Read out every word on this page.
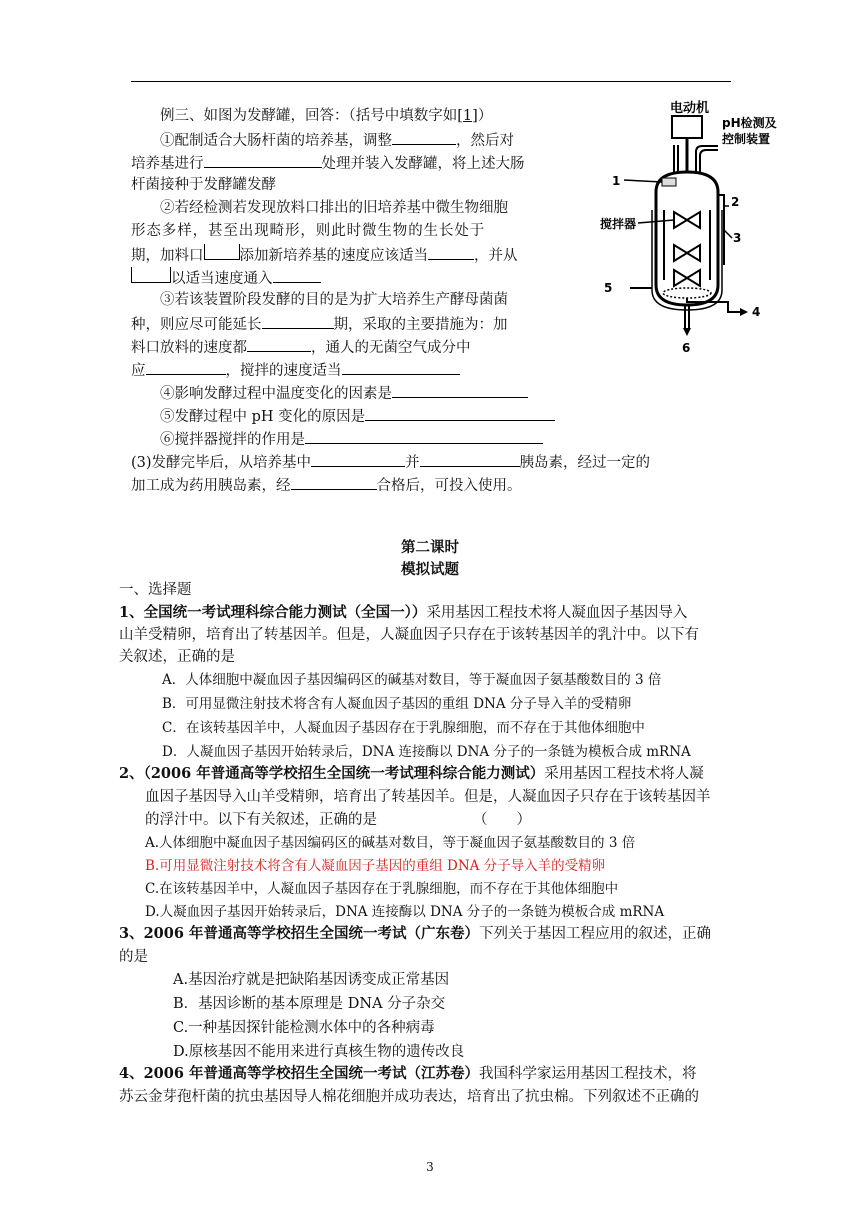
例三、如图为发酵罐，回答：（括号中填数字如[1]）
①配制适合大肠杆菌的培养基，调整	，然后对
培养基进行	处理并装入发酵罐，将上述大肠
杆菌接种于发酵罐发酵
②若经检测若发现放料口排出的旧培养基中微生物细胞
形态多样，甚至出现畸形，则此时微生物的生长处于
期，加料口 添加新培养基的速度应该适当	，并从
以适当速度通入
③若该装置阶段发酵的目的是为扩大培养生产酵母菌菌
种，则应尽可能延长	期，采取的主要措施为：加
料口放料的速度都	，通人的无菌空气成分中
应	，搅拌的速度适当
④影响发酵过程中温度变化的因素是
⑤发酵过程中 pH 变化的原因是
⑥搅拌器搅拌的作用是
(3)发酵完毕后，从培养基中	并	胰岛素，经过一定的
加工成为药用胰岛素，经	合格后，可投入使用。
电动机
pH检测及
控制装置
1
2
3
4
5
6
搅拌器
第二课时
模拟试题
一、选择题
1、全国统一考试理科综合能力测试（全国一））采用基因工程技术将人凝血因子基因导入
山羊受精卵，培育出了转基因羊。但是，人凝血因子只存在于该转基因羊的乳汁中。以下有
关叙述，正确的是
A．人体细胞中凝血因子基因编码区的碱基对数目，等于凝血因子氨基酸数目的 3 倍
B．可用显微注射技术将含有人凝血因子基因的重组 DNA 分子导入羊的受精卵
C．在该转基因羊中，人凝血因子基因存在于乳腺细胞，而不存在于其他体细胞中
D．人凝血因子基因开始转录后，DNA 连接酶以 DNA 分子的一条链为模板合成 mRNA
2、（2006 年普通高等学校招生全国统一考试理科综合能力测试）采用基因工程技术将人凝
血因子基因导入山羊受精卵，培育出了转基因羊。但是，人凝血因子只存在于该转基因羊
的浮汁中。以下有关叙述，正确的是	（　　）
A.人体细胞中凝血因子基因编码区的碱基对数目，等于凝血因子氨基酸数目的 3 倍
B.可用显微注射技术将含有人凝血因子基因的重组 DNA 分子导入羊的受精卵
C.在该转基因羊中，人凝血因子基因存在于乳腺细胞，而不存在于其他体细胞中
D.人凝血因子基因开始转录后，DNA 连接酶以 DNA 分子的一条链为模板合成 mRNA
3、2006 年普通高等学校招生全国统一考试（广东卷）下列关于基因工程应用的叙述，正确
的是
A.基因治疗就是把缺陷基因诱变成正常基因
B．基因诊断的基本原理是 DNA 分子杂交
C.一种基因探针能检测水体中的各种病毒
D.原核基因不能用来进行真核生物的遗传改良
4、2006 年普通高等学校招生全国统一考试（江苏卷）我国科学家运用基因工程技术，将
苏云金芽孢杆菌的抗虫基因导人棉花细胞并成功表达，培育出了抗虫棉。下列叙述不正确的
3
